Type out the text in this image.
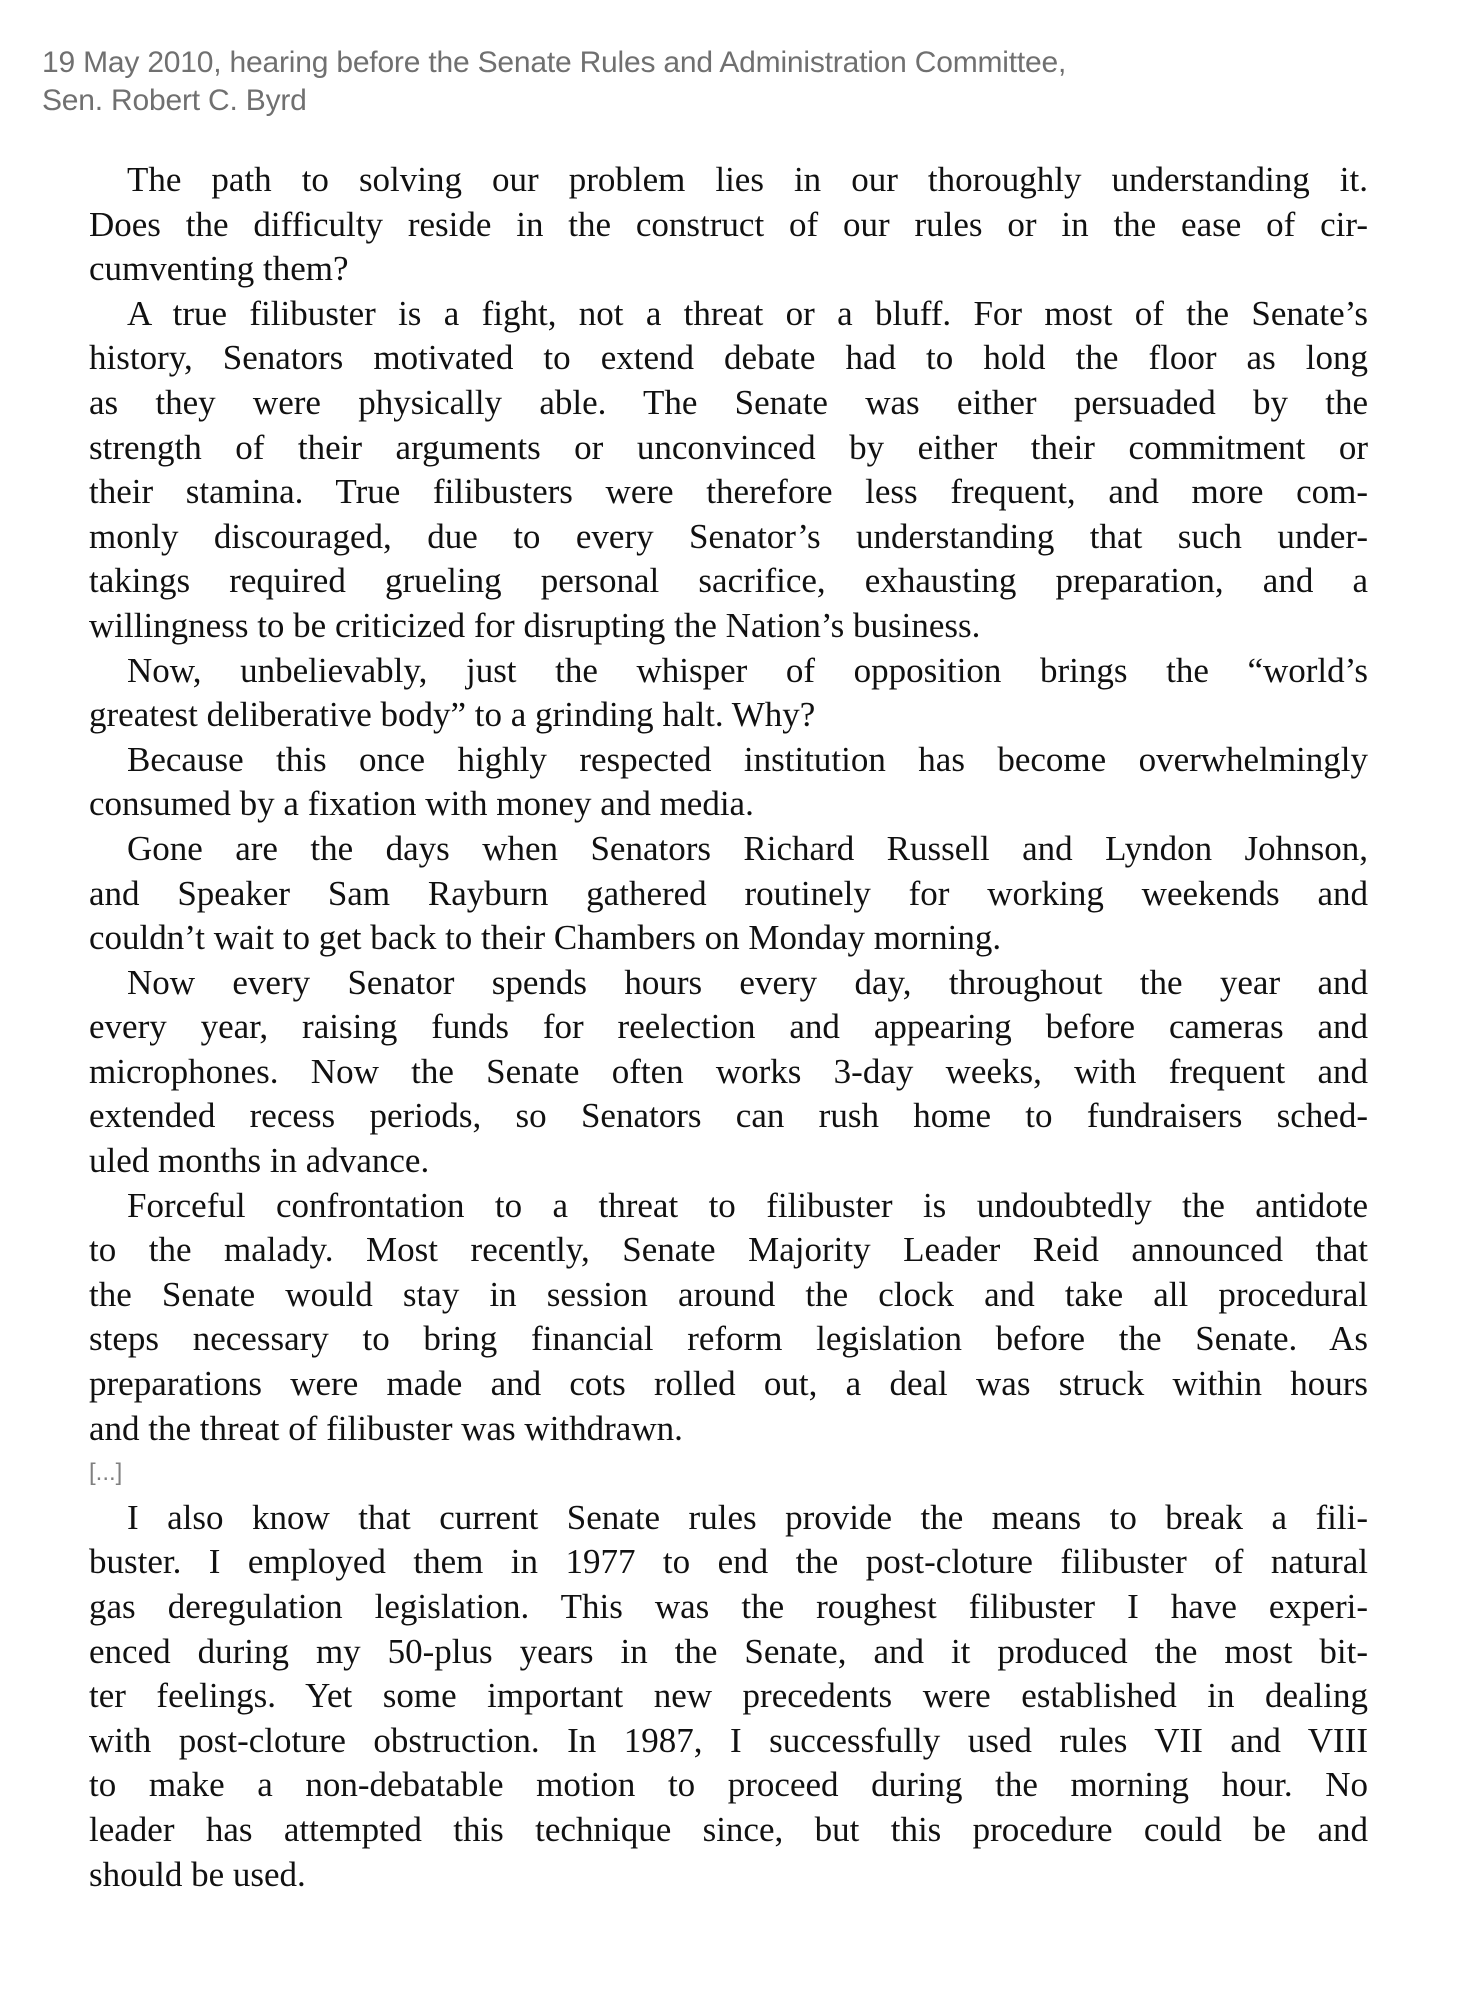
19 May 2010, hearing before the Senate Rules and Administration Committee,
Sen. Robert C. Byrd
The path to solving our problem lies in our thoroughly understanding it.
Does the difficulty reside in the construct of our rules or in the ease of cir-
cumventing them?
A true filibuster is a fight, not a threat or a bluff. For most of the Senate’s
history, Senators motivated to extend debate had to hold the floor as long
as they were physically able. The Senate was either persuaded by the
strength of their arguments or unconvinced by either their commitment or
their stamina. True filibusters were therefore less frequent, and more com-
monly discouraged, due to every Senator’s understanding that such under-
takings required grueling personal sacrifice, exhausting preparation, and a
willingness to be criticized for disrupting the Nation’s business.
Now, unbelievably, just the whisper of opposition brings the “world’s
greatest deliberative body” to a grinding halt. Why?
Because this once highly respected institution has become overwhelmingly
consumed by a fixation with money and media.
Gone are the days when Senators Richard Russell and Lyndon Johnson,
and Speaker Sam Rayburn gathered routinely for working weekends and
couldn’t wait to get back to their Chambers on Monday morning.
Now every Senator spends hours every day, throughout the year and
every year, raising funds for reelection and appearing before cameras and
microphones. Now the Senate often works 3-day weeks, with frequent and
extended recess periods, so Senators can rush home to fundraisers sched-
uled months in advance.
Forceful confrontation to a threat to filibuster is undoubtedly the antidote
to the malady. Most recently, Senate Majority Leader Reid announced that
the Senate would stay in session around the clock and take all procedural
steps necessary to bring financial reform legislation before the Senate. As
preparations were made and cots rolled out, a deal was struck within hours
and the threat of filibuster was withdrawn.
[...]
I also know that current Senate rules provide the means to break a fili-
buster. I employed them in 1977 to end the post-cloture filibuster of natural
gas deregulation legislation. This was the roughest filibuster I have experi-
enced during my 50-plus years in the Senate, and it produced the most bit-
ter feelings. Yet some important new precedents were established in dealing
with post-cloture obstruction. In 1987, I successfully used rules VII and VIII
to make a non-debatable motion to proceed during the morning hour. No
leader has attempted this technique since, but this procedure could be and
should be used.
